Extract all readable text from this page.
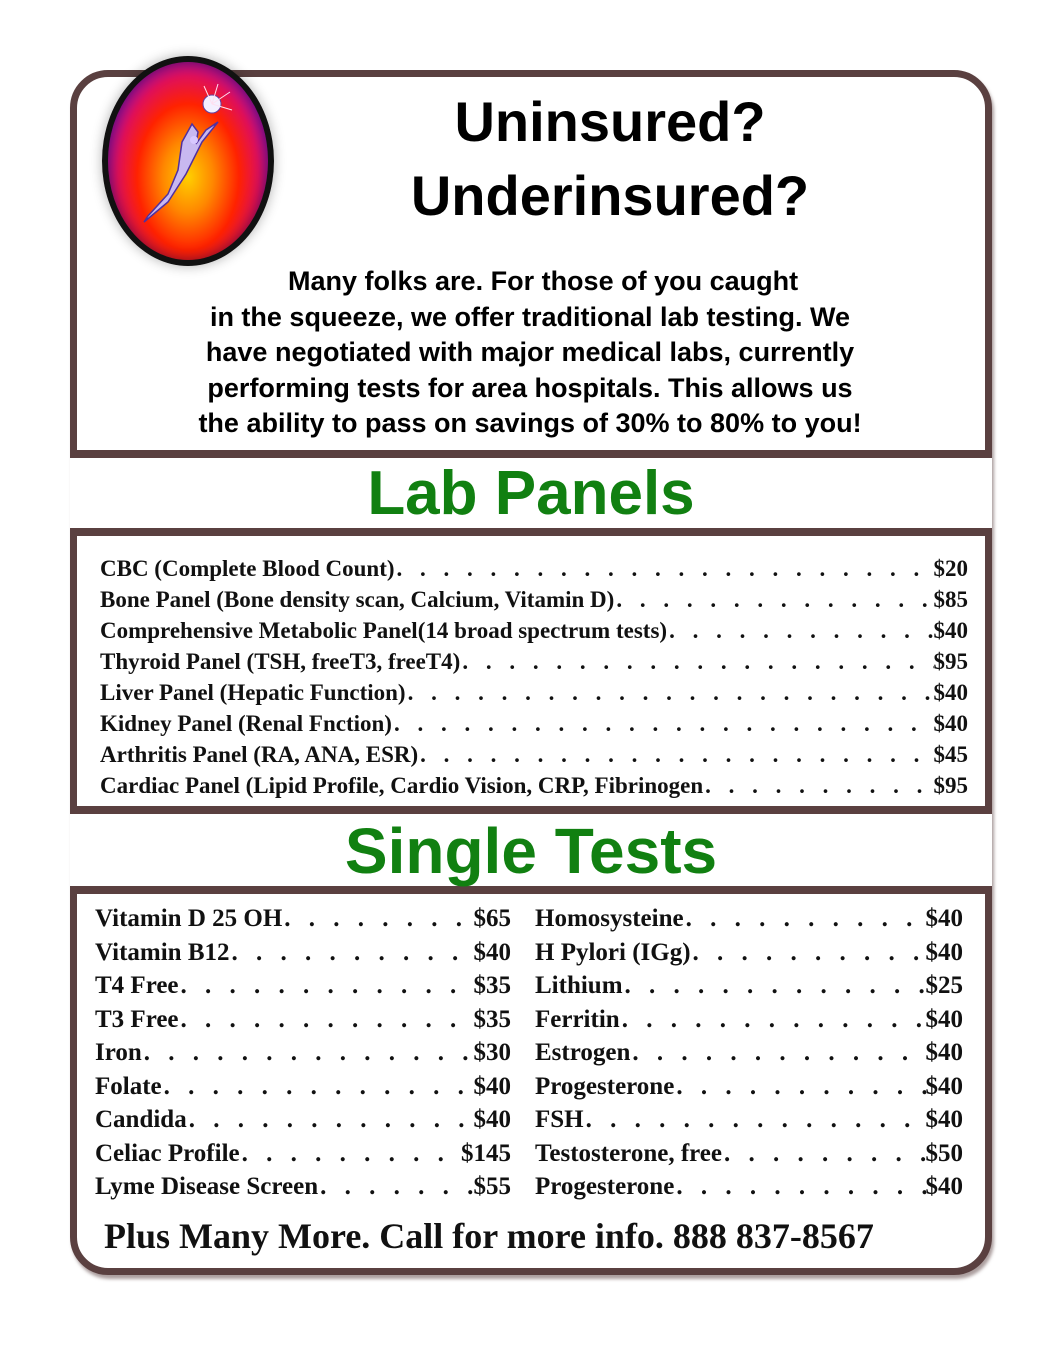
Uninsured?
Underinsured?
Many folks are. For those of you caught
in the squeeze, we offer traditional lab testing. We
have negotiated with major medical labs, currently
performing tests for area hospitals. This allows us
the ability to pass on savings of 30% to 80% to you!
Lab Panels
CBC (Complete Blood Count) . . .	$20
Bone Panel (Bone density scan, Calcium, Vitamin D) . . .	$85
Comprehensive Metabolic Panel(14 broad spectrum tests) . . .	$40
Thyroid Panel (TSH, freeT3, freeT4) . . .	$95
Liver Panel (Hepatic Function) . . .	$40
Kidney Panel (Renal Fnction) . . .	$40
Arthritis Panel (RA, ANA, ESR) . . .	$45
Cardiac Panel (Lipid Profile, Cardio Vision, CRP, Fibrinogen . . .	$95
Single Tests
Vitamin D 25 OH . . .	$65
Vitamin B12 . . .	$40
T4 Free . . .	$35
T3 Free . . .	$35
Iron . . .	$30
Folate . . .	$40
Candida . . .	$40
Celiac Profile . . .	$145
Lyme Disease Screen . . .	$55
Homosysteine . . .	$40
H Pylori (IGg) . . .	$40
Lithium . . .	$25
Ferritin . . .	$40
Estrogen . . .	$40
Progesterone . . .	$40
FSH . . .	$40
Testosterone, free . . .	$50
Progesterone . . .	$40
Plus Many More. Call for more info. 888 837-8567
